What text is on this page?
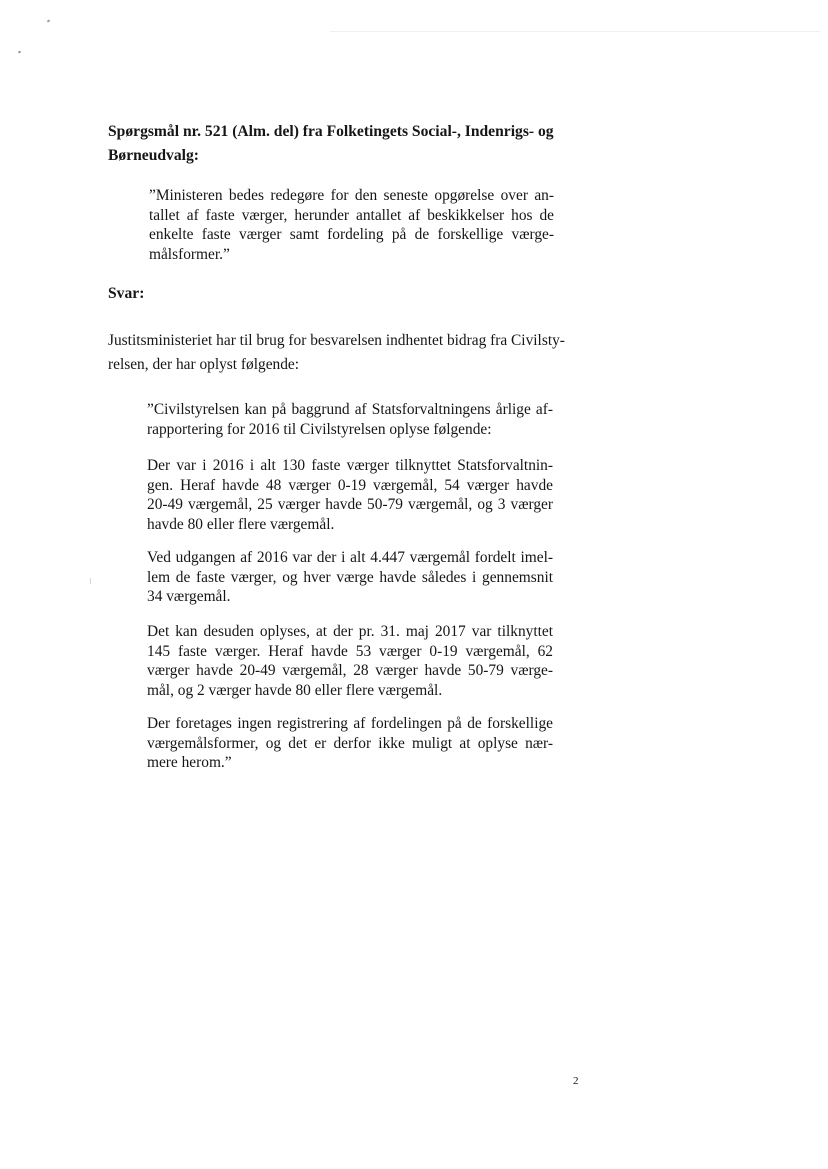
Spørgsmål nr. 521 (Alm. del) fra Folketingets Social-, Indenrigs- og
Børneudvalg:
”Ministeren bedes redegøre for den seneste opgørelse over an-
tallet af faste værger, herunder antallet af beskikkelser hos de
enkelte faste værger samt fordeling på de forskellige værge-
målsformer.”
Svar:
Justitsministeriet har til brug for besvarelsen indhentet bidrag fra Civilsty-
relsen, der har oplyst følgende:
”Civilstyrelsen kan på baggrund af Statsforvaltningens årlige af-
rapportering for 2016 til Civilstyrelsen oplyse følgende:
Der var i 2016 i alt 130 faste værger tilknyttet Statsforvaltnin-
gen. Heraf havde 48 værger 0-19 værgemål, 54 værger havde
20-49 værgemål, 25 værger havde 50-79 værgemål, og 3 værger
havde 80 eller flere værgemål.
Ved udgangen af 2016 var der i alt 4.447 værgemål fordelt imel-
lem de faste værger, og hver værge havde således i gennemsnit
34 værgemål.
Det kan desuden oplyses, at der pr. 31. maj 2017 var tilknyttet
145 faste værger. Heraf havde 53 værger 0-19 værgemål, 62
værger havde 20-49 værgemål, 28 værger havde 50-79 værge-
mål, og 2 værger havde 80 eller flere værgemål.
Der foretages ingen registrering af fordelingen på de forskellige
værgemålsformer, og det er derfor ikke muligt at oplyse nær-
mere herom.”

2
